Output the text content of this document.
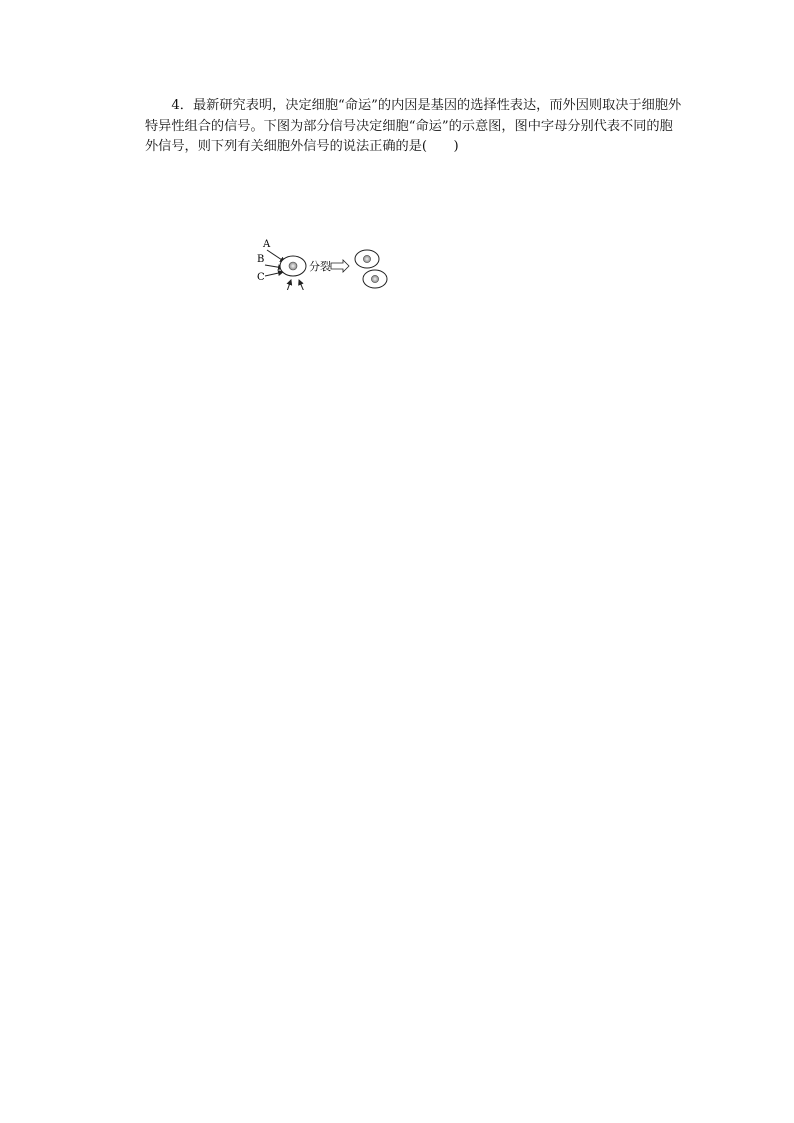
4．最新研究表明，决定细胞“命运”的内因是基因的选择性表达，而外因则取决于细胞外特异性组合的信号。下图为部分信号决定细胞“命运”的示意图，图中字母分别代表不同的胞外信号，则下列有关细胞外信号的说法正确的是(　　)

A
B
C
分裂
